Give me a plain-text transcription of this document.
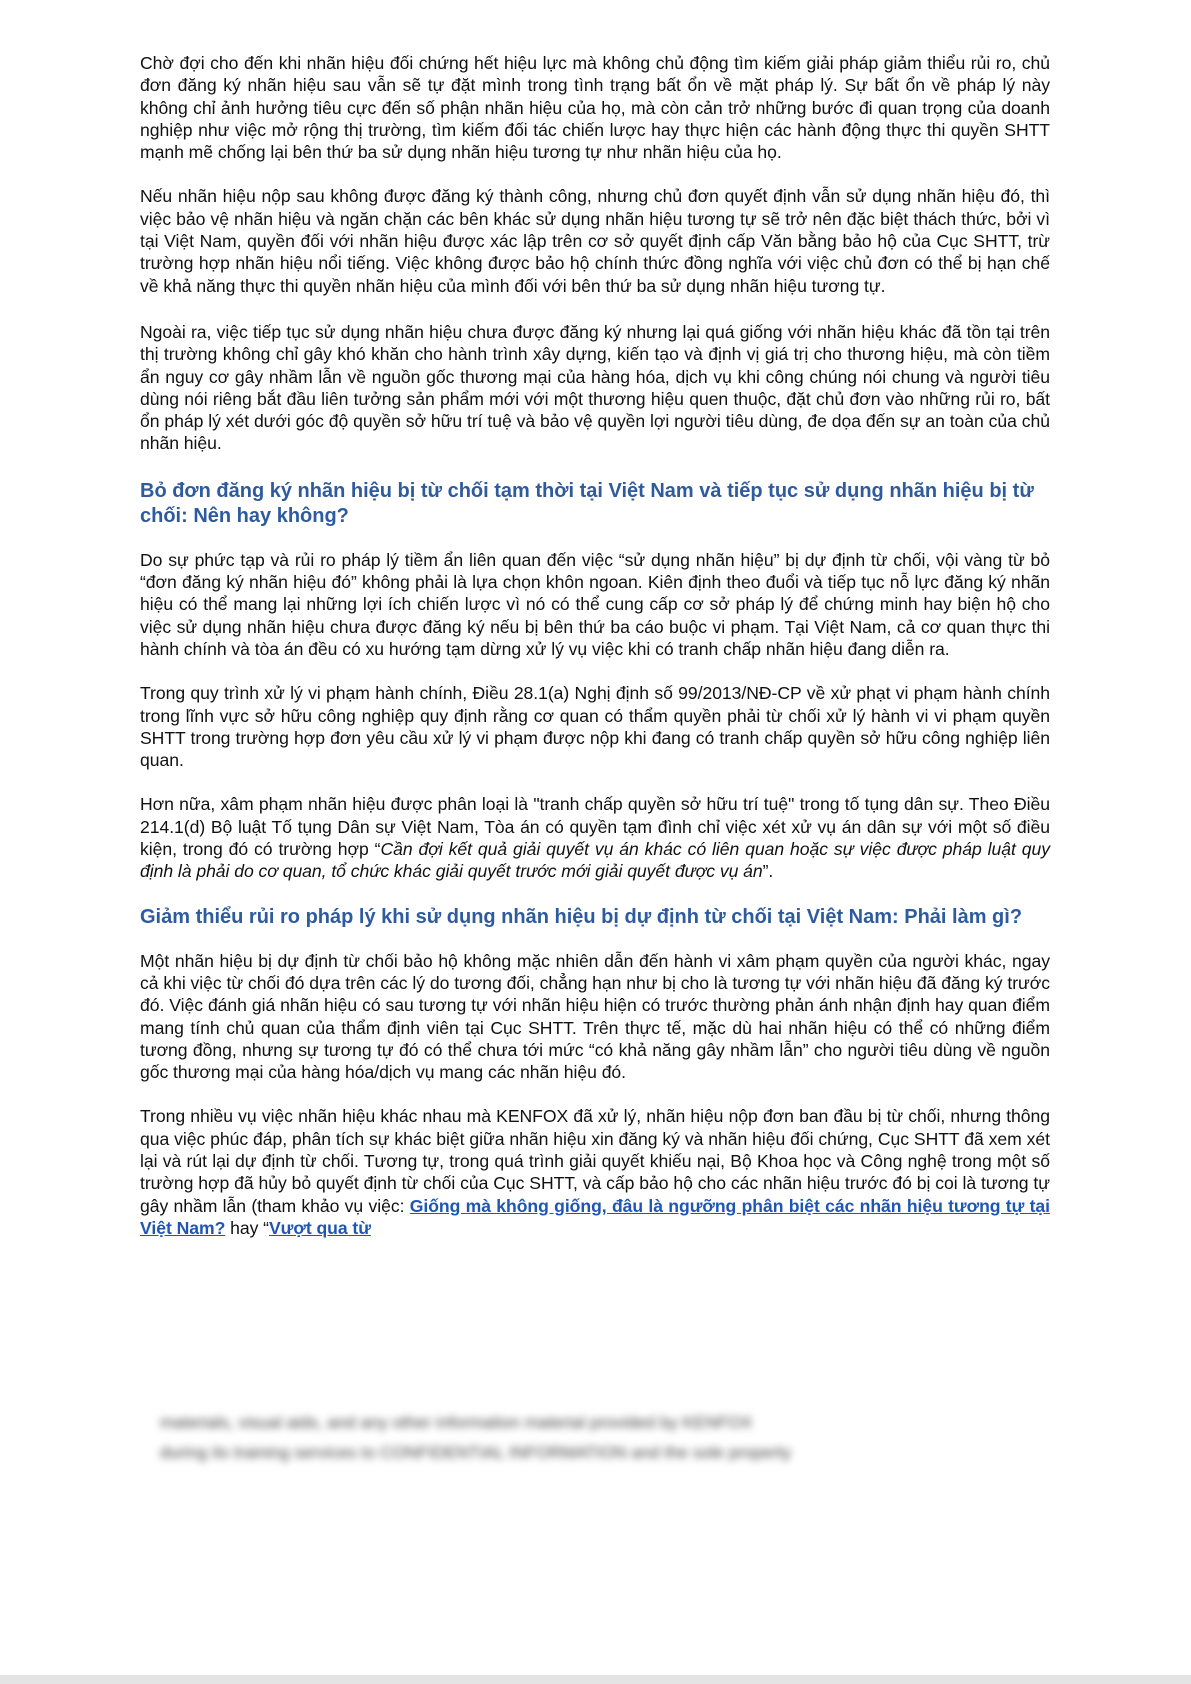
Chờ đợi cho đến khi nhãn hiệu đối chứng hết hiệu lực mà không chủ động tìm kiếm giải pháp giảm thiểu rủi ro, chủ đơn đăng ký nhãn hiệu sau vẫn sẽ tự đặt mình trong tình trạng bất ổn về mặt pháp lý. Sự bất ổn về pháp lý này không chỉ ảnh hưởng tiêu cực đến số phận nhãn hiệu của họ, mà còn cản trở những bước đi quan trọng của doanh nghiệp như việc mở rộng thị trường, tìm kiếm đối tác chiến lược hay thực hiện các hành động thực thi quyền SHTT mạnh mẽ chống lại bên thứ ba sử dụng nhãn hiệu tương tự như nhãn hiệu của họ.

Nếu nhãn hiệu nộp sau không được đăng ký thành công, nhưng chủ đơn quyết định vẫn sử dụng nhãn hiệu đó, thì việc bảo vệ nhãn hiệu và ngăn chặn các bên khác sử dụng nhãn hiệu tương tự sẽ trở nên đặc biệt thách thức, bởi vì tại Việt Nam, quyền đối với nhãn hiệu được xác lập trên cơ sở quyết định cấp Văn bằng bảo hộ của Cục SHTT, trừ trường hợp nhãn hiệu nổi tiếng. Việc không được bảo hộ chính thức đồng nghĩa với việc chủ đơn có thể bị hạn chế về khả năng thực thi quyền nhãn hiệu của mình đối với bên thứ ba sử dụng nhãn hiệu tương tự.

Ngoài ra, việc tiếp tục sử dụng nhãn hiệu chưa được đăng ký nhưng lại quá giống với nhãn hiệu khác đã tồn tại trên thị trường không chỉ gây khó khăn cho hành trình xây dựng, kiến tạo và định vị giá trị cho thương hiệu, mà còn tiềm ẩn nguy cơ gây nhầm lẫn về nguồn gốc thương mại của hàng hóa, dịch vụ khi công chúng nói chung và người tiêu dùng nói riêng bắt đầu liên tưởng sản phẩm mới với một thương hiệu quen thuộc, đặt chủ đơn vào những rủi ro, bất ổn pháp lý xét dưới góc độ quyền sở hữu trí tuệ và bảo vệ quyền lợi người tiêu dùng, đe dọa đến sự an toàn của chủ nhãn hiệu.

Bỏ đơn đăng ký nhãn hiệu bị từ chối tạm thời tại Việt Nam và tiếp tục sử dụng nhãn hiệu bị từ chối: Nên hay không?

Do sự phức tạp và rủi ro pháp lý tiềm ẩn liên quan đến việc “sử dụng nhãn hiệu” bị dự định từ chối, vội vàng từ bỏ “đơn đăng ký nhãn hiệu đó” không phải là lựa chọn khôn ngoan. Kiên định theo đuổi và tiếp tục nỗ lực đăng ký nhãn hiệu có thể mang lại những lợi ích chiến lược vì nó có thể cung cấp cơ sở pháp lý để chứng minh hay biện hộ cho việc sử dụng nhãn hiệu chưa được đăng ký nếu bị bên thứ ba cáo buộc vi phạm. Tại Việt Nam, cả cơ quan thực thi hành chính và tòa án đều có xu hướng tạm dừng xử lý vụ việc khi có tranh chấp nhãn hiệu đang diễn ra.

Trong quy trình xử lý vi phạm hành chính, Điều 28.1(a) Nghị định số 99/2013/NĐ-CP về xử phạt vi phạm hành chính trong lĩnh vực sở hữu công nghiệp quy định rằng cơ quan có thẩm quyền phải từ chối xử lý hành vi vi phạm quyền SHTT trong trường hợp đơn yêu cầu xử lý vi phạm được nộp khi đang có tranh chấp quyền sở hữu công nghiệp liên quan.

Hơn nữa, xâm phạm nhãn hiệu được phân loại là "tranh chấp quyền sở hữu trí tuệ" trong tố tụng dân sự. Theo Điều 214.1(d) Bộ luật Tố tụng Dân sự Việt Nam, Tòa án có quyền tạm đình chỉ việc xét xử vụ án dân sự với một số điều kiện, trong đó có trường hợp “Cần đợi kết quả giải quyết vụ án khác có liên quan hoặc sự việc được pháp luật quy định là phải do cơ quan, tổ chức khác giải quyết trước mới giải quyết được vụ án”.

Giảm thiểu rủi ro pháp lý khi sử dụng nhãn hiệu bị dự định từ chối tại Việt Nam: Phải làm gì?

Một nhãn hiệu bị dự định từ chối bảo hộ không mặc nhiên dẫn đến hành vi xâm phạm quyền của người khác, ngay cả khi việc từ chối đó dựa trên các lý do tương đối, chẳng hạn như bị cho là tương tự với nhãn hiệu đã đăng ký trước đó. Việc đánh giá nhãn hiệu có sau tương tự với nhãn hiệu hiện có trước thường phản ánh nhận định hay quan điểm mang tính chủ quan của thẩm định viên tại Cục SHTT. Trên thực tế, mặc dù hai nhãn hiệu có thể có những điểm tương đồng, nhưng sự tương tự đó có thể chưa tới mức “có khả năng gây nhầm lẫn” cho người tiêu dùng về nguồn gốc thương mại của hàng hóa/dịch vụ mang các nhãn hiệu đó.

Trong nhiều vụ việc nhãn hiệu khác nhau mà KENFOX đã xử lý, nhãn hiệu nộp đơn ban đầu bị từ chối, nhưng thông qua việc phúc đáp, phân tích sự khác biệt giữa nhãn hiệu xin đăng ký và nhãn hiệu đối chứng, Cục SHTT đã xem xét lại và rút lại dự định từ chối. Tương tự, trong quá trình giải quyết khiếu nại, Bộ Khoa học và Công nghệ trong một số trường hợp đã hủy bỏ quyết định từ chối của Cục SHTT, và cấp bảo hộ cho các nhãn hiệu trước đó bị coi là tương tự gây nhầm lẫn (tham khảo vụ việc: Giống mà không giống, đâu là ngưỡng phân biệt các nhãn hiệu tương tự tại Việt Nam? hay “Vượt qua từ

materials, visual aids, and any other information material provided by KENFOX
during its training services to CONFIDENTIAL INFORMATION and the sole property
